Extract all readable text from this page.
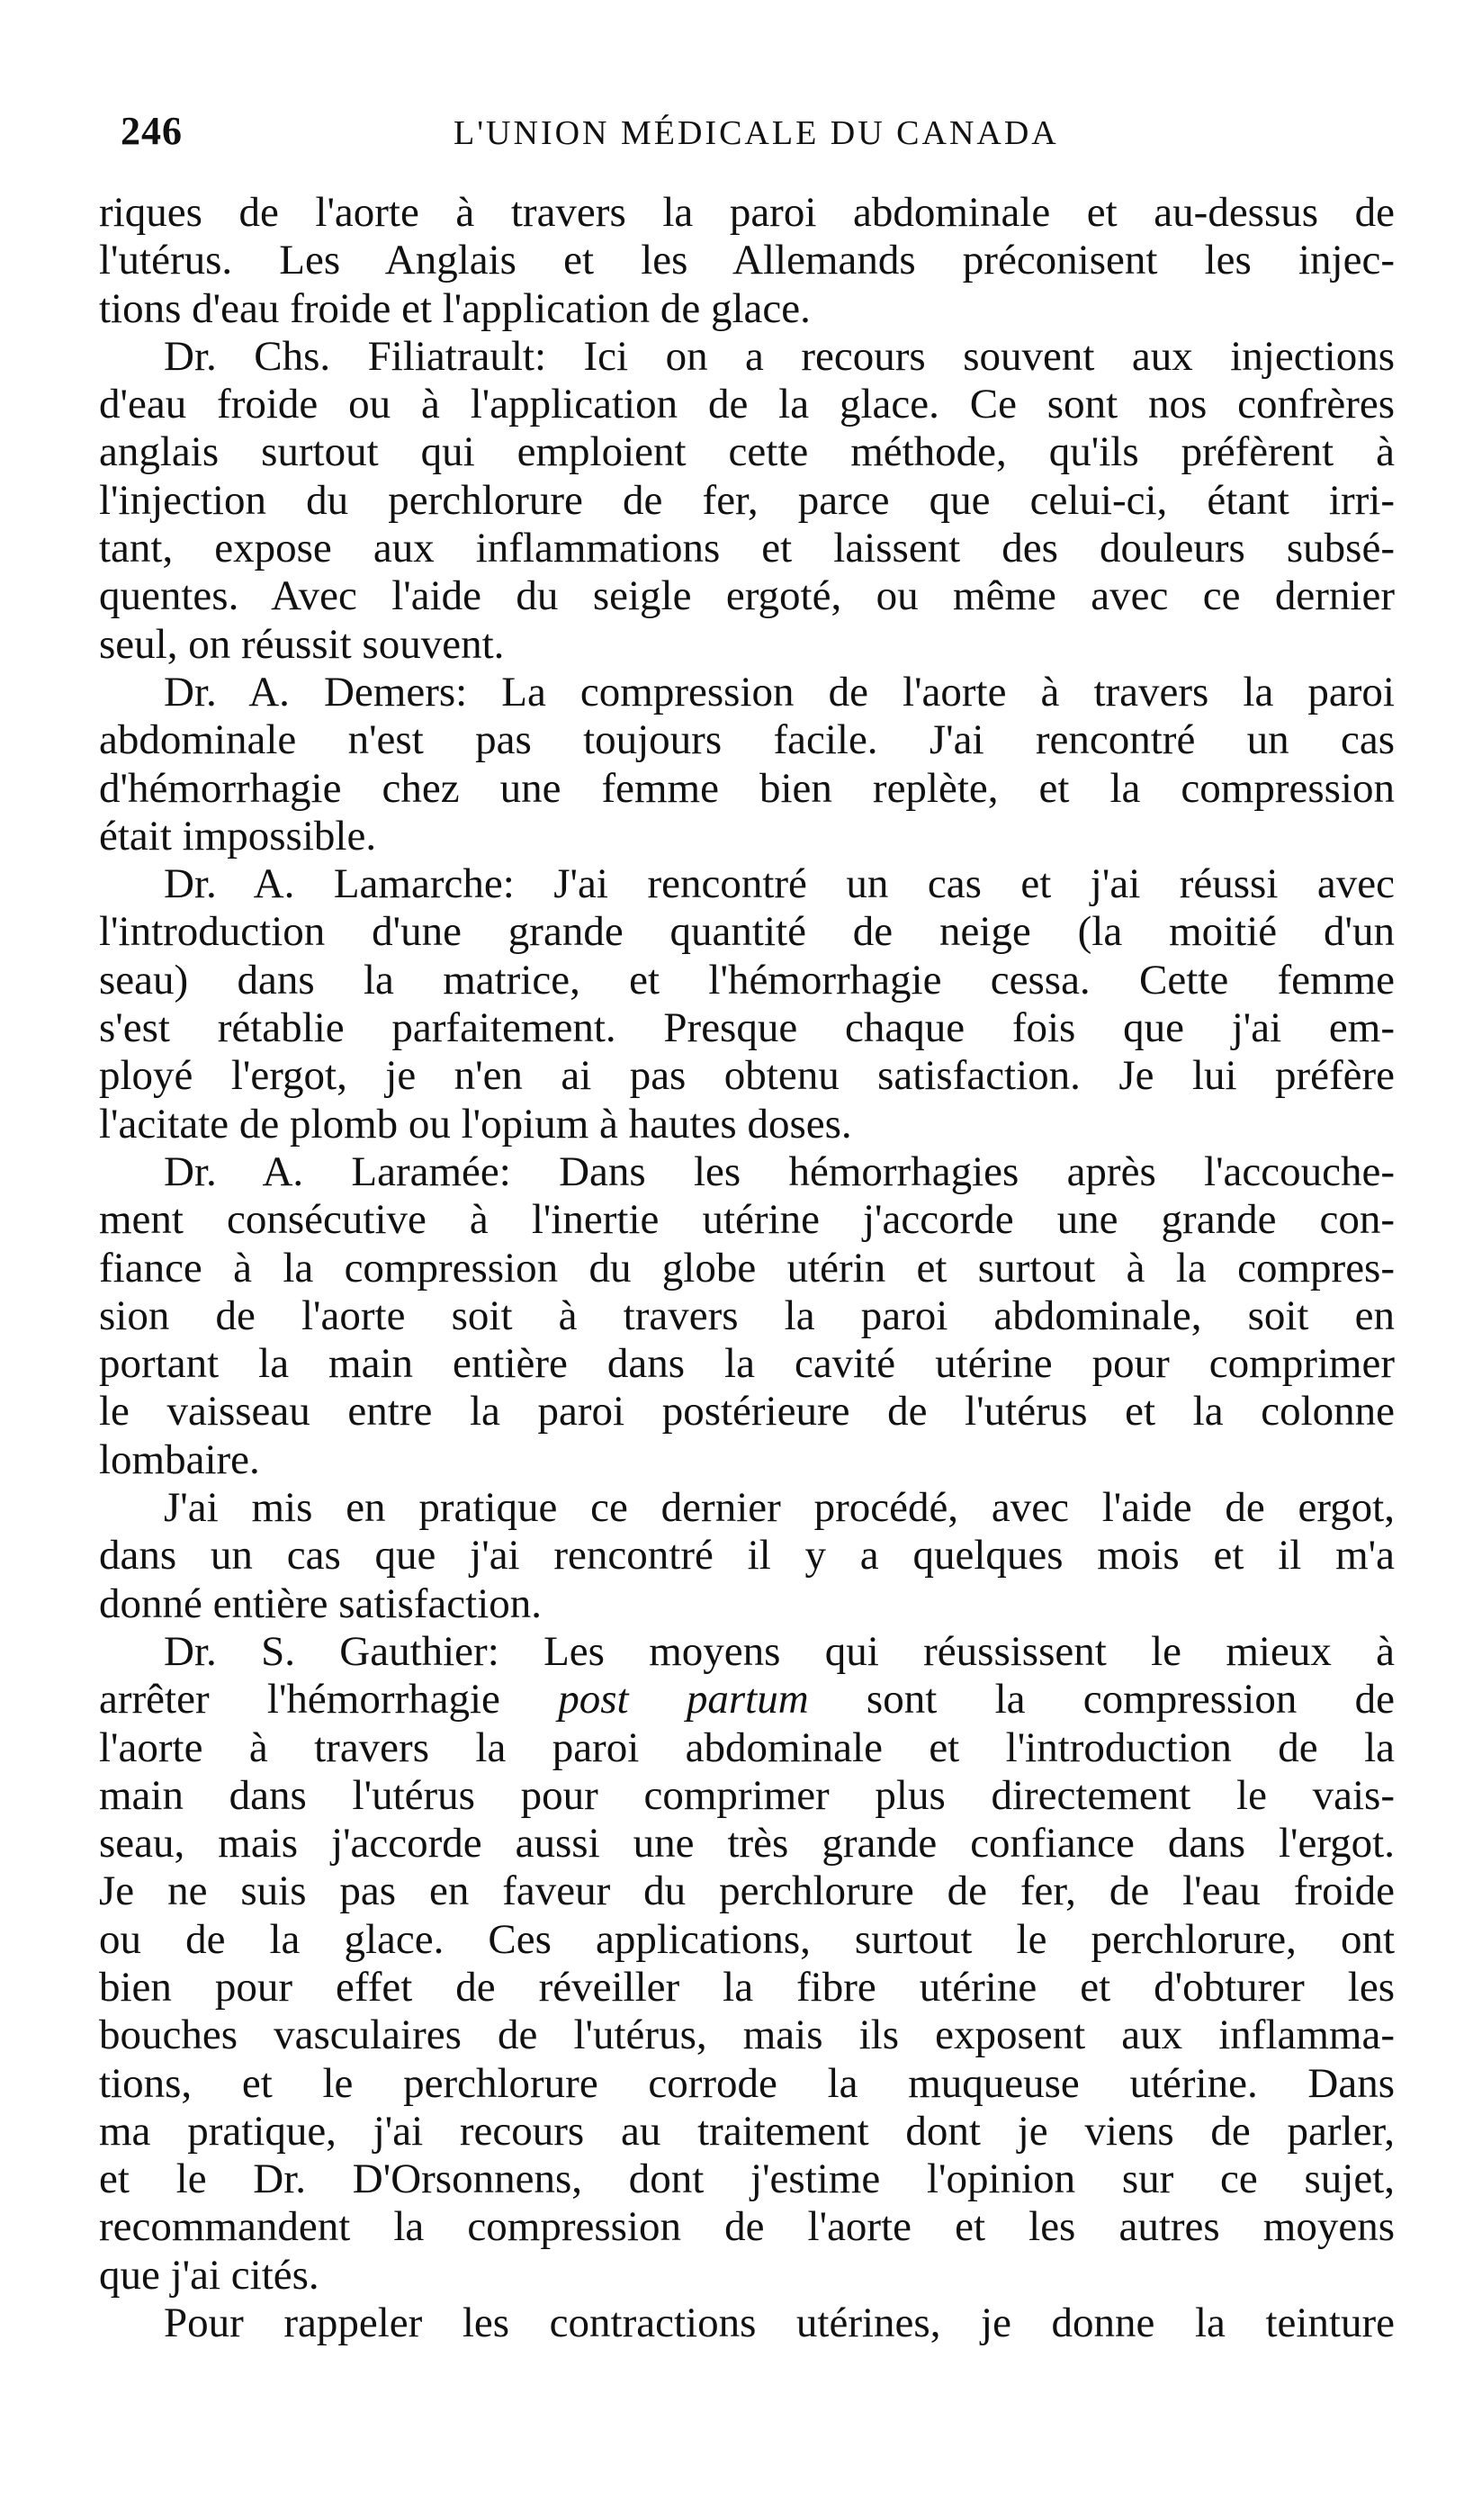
246	L'UNION MÉDICALE DU CANADA
riques de l'aorte à travers la paroi abdominale et au-dessus de
l'utérus. Les Anglais et les Allemands préconisent les injec-
tions d'eau froide et l'application de glace.
Dr. Chs. Filiatrault: Ici on a recours souvent aux injections
d'eau froide ou à l'application de la glace. Ce sont nos confrères
anglais surtout qui emploient cette méthode, qu'ils préfèrent à
l'injection du perchlorure de fer, parce que celui-ci, étant irri-
tant, expose aux inflammations et laissent des douleurs subsé-
quentes. Avec l'aide du seigle ergoté, ou même avec ce dernier
seul, on réussit souvent.
Dr. A. Demers: La compression de l'aorte à travers la paroi
abdominale n'est pas toujours facile. J'ai rencontré un cas
d'hémorrhagie chez une femme bien replète, et la compression
était impossible.
Dr. A. Lamarche: J'ai rencontré un cas et j'ai réussi avec
l'introduction d'une grande quantité de neige (la moitié d'un
seau) dans la matrice, et l'hémorrhagie cessa. Cette femme
s'est rétablie parfaitement. Presque chaque fois que j'ai em-
ployé l'ergot, je n'en ai pas obtenu satisfaction. Je lui préfère
l'acitate de plomb ou l'opium à hautes doses.
Dr. A. Laramée: Dans les hémorrhagies après l'accouche-
ment consécutive à l'inertie utérine j'accorde une grande con-
fiance à la compression du globe utérin et surtout à la compres-
sion de l'aorte soit à travers la paroi abdominale, soit en
portant la main entière dans la cavité utérine pour comprimer
le vaisseau entre la paroi postérieure de l'utérus et la colonne
lombaire.
J'ai mis en pratique ce dernier procédé, avec l'aide de ergot,
dans un cas que j'ai rencontré il y a quelques mois et il m'a
donné entière satisfaction.
Dr. S. Gauthier: Les moyens qui réussissent le mieux à
arrêter l'hémorrhagie post partum sont la compression de
l'aorte à travers la paroi abdominale et l'introduction de la
main dans l'utérus pour comprimer plus directement le vais-
seau, mais j'accorde aussi une très grande confiance dans l'ergot.
Je ne suis pas en faveur du perchlorure de fer, de l'eau froide
ou de la glace. Ces applications, surtout le perchlorure, ont
bien pour effet de réveiller la fibre utérine et d'obturer les
bouches vasculaires de l'utérus, mais ils exposent aux inflamma-
tions, et le perchlorure corrode la muqueuse utérine. Dans
ma pratique, j'ai recours au traitement dont je viens de parler,
et le Dr. D'Orsonnens, dont j'estime l'opinion sur ce sujet,
recommandent la compression de l'aorte et les autres moyens
que j'ai cités.
Pour rappeler les contractions utérines, je donne la teinture
